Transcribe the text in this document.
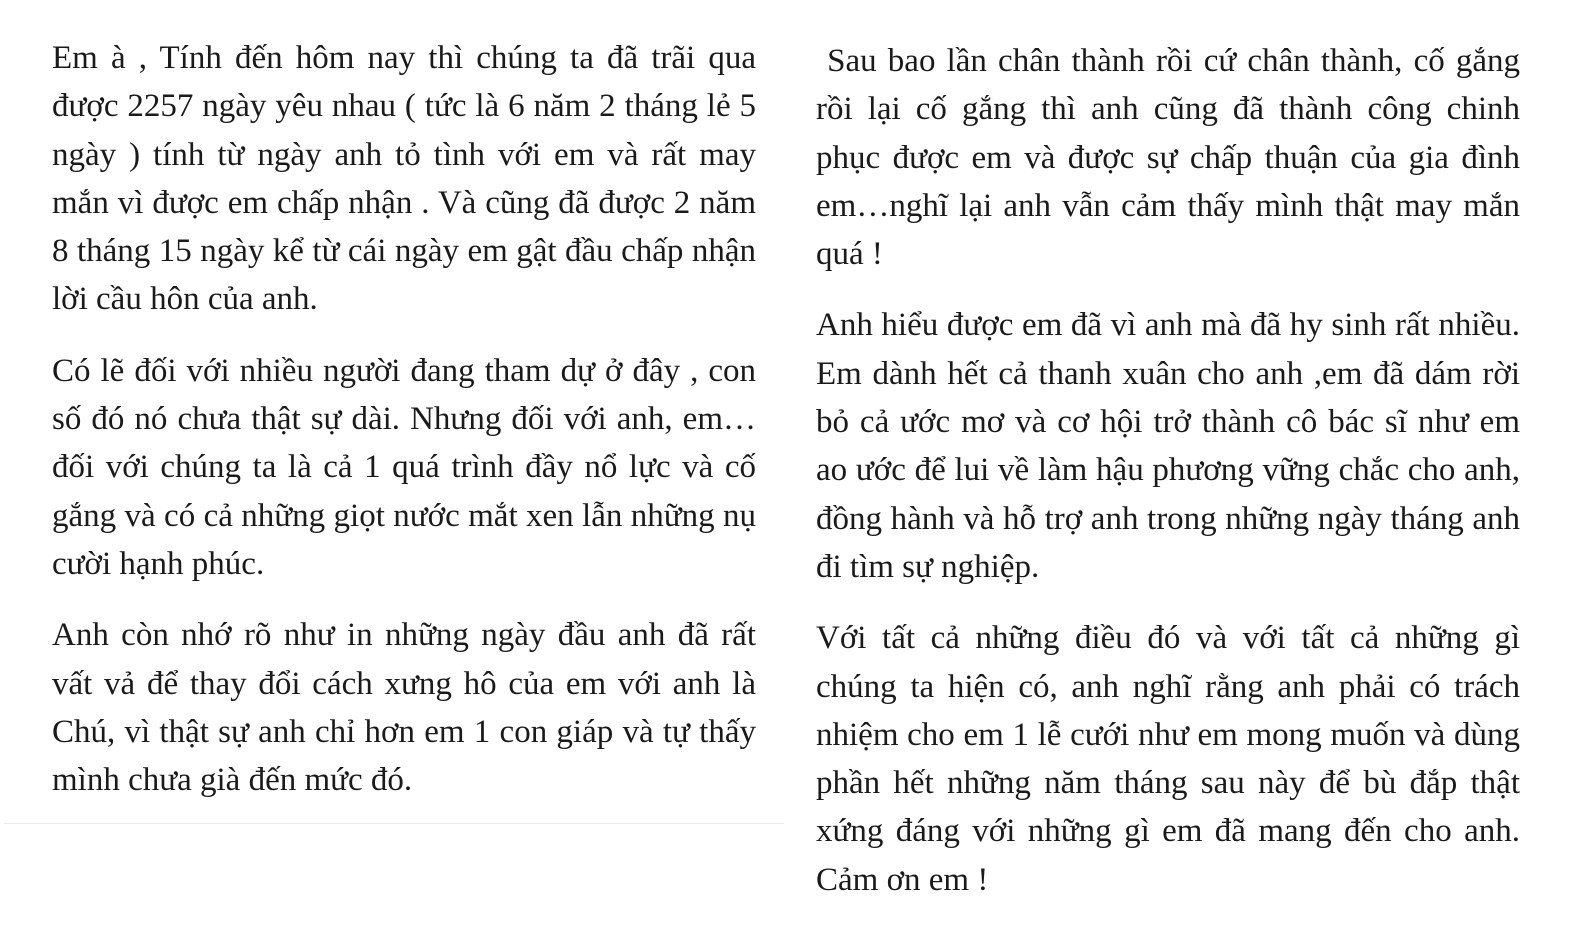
Em à , Tính đến hôm nay thì chúng ta đã trãi qua được 2257 ngày yêu nhau ( tức là 6 năm 2 tháng lẻ 5 ngày ) tính từ ngày anh tỏ tình với em và rất may mắn vì được em chấp nhận . Và cũng đã được 2 năm 8 tháng 15 ngày kể từ cái ngày em gật đầu chấp nhận lời cầu hôn của anh.

Có lẽ đối với nhiều người đang tham dự ở đây , con số đó nó chưa thật sự dài. Nhưng đối với anh, em…đối với chúng ta là cả 1 quá trình đầy nổ lực và cố gắng và có cả những giọt nước mắt xen lẫn những nụ cười hạnh phúc.

Anh còn nhớ rõ như in những ngày đầu anh đã rất vất vả để thay đổi cách xưng hô của em với anh là Chú, vì thật sự anh chỉ hơn em 1 con giáp và tự thấy mình chưa già đến mức đó.

Sau bao lần chân thành rồi cứ chân thành, cố gắng rồi lại cố gắng thì anh cũng đã thành công chinh phục được em và được sự chấp thuận của gia đình em…nghĩ lại anh vẫn cảm thấy mình thật may mắn quá !

Anh hiểu được em đã vì anh mà đã hy sinh rất nhiều. Em dành hết cả thanh xuân cho anh ,em đã dám rời bỏ cả ước mơ và cơ hội trở thành cô bác sĩ như em ao ước để lui về làm hậu phương vững chắc cho anh, đồng hành và hỗ trợ anh trong những ngày tháng anh đi tìm sự nghiệp.

Với tất cả những điều đó và với tất cả những gì chúng ta hiện có, anh nghĩ rằng anh phải có trách nhiệm cho em 1 lễ cưới như em mong muốn và dùng phần hết những năm tháng sau này để bù đắp thật xứng đáng với những gì em đã mang đến cho anh. Cảm ơn em !
